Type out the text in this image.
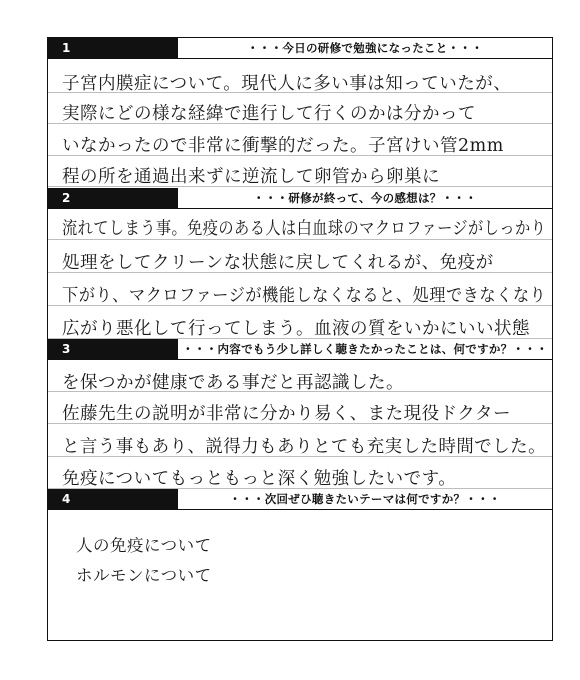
1	・・・今日の研修で勉強になったこと・・・
子宮内膜症について。現代人に多い事は知っていたが、
実際にどの様な経緯で進行して行くのかは分かって
いなかったので非常に衝撃的だった。子宮けい管2mm
程の所を通過出来ずに逆流して卵管から卵巣に
2	・・・研修が終って、今の感想は？・・・
流れてしまう事。免疫のある人は白血球のマクロファージがしっかり
処理をしてクリーンな状態に戻してくれるが、免疫が
下がり、マクロファージが機能しなくなると、処理できなくなり
広がり悪化して行ってしまう。血液の質をいかにいい状態
3	・・・内容でもう少し詳しく聴きたかったことは、何ですか？・・・
を保つかが健康である事だと再認識した。
佐藤先生の説明が非常に分かり易く、また現役ドクター
と言う事もあり、説得力もありとても充実した時間でした。
免疫についてもっともっと深く勉強したいです。
4	・・・次回ぜひ聴きたいテーマは何ですか？・・・
人の免疫について
ホルモンについて
